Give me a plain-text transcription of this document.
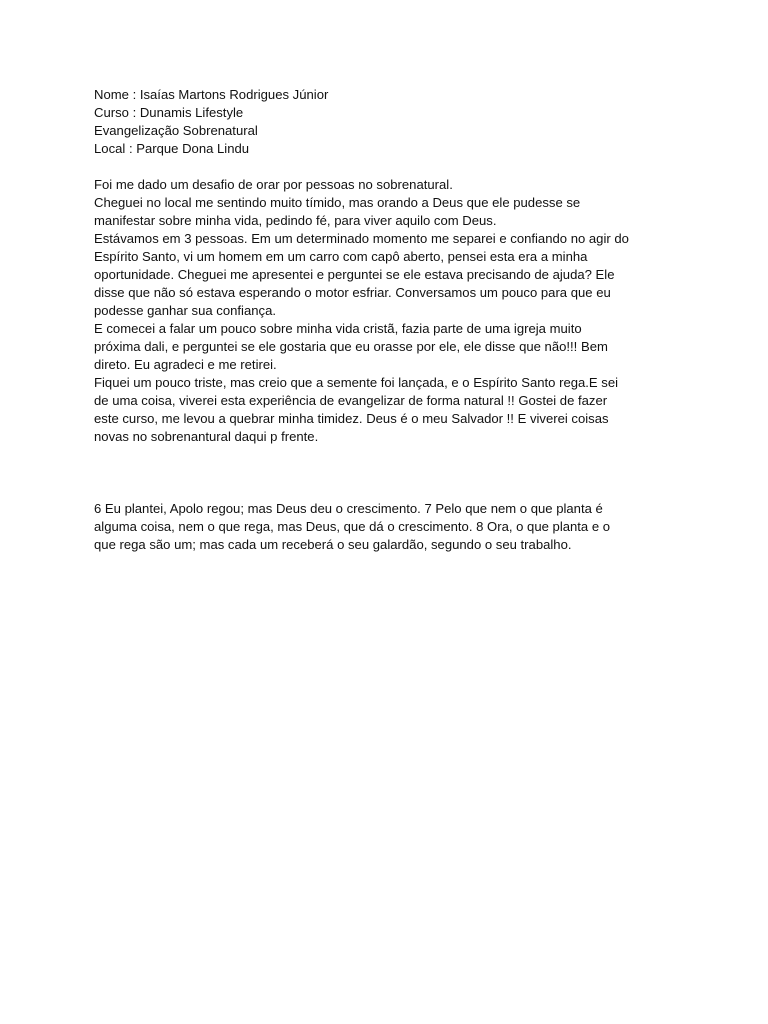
Nome : Isaías Martons Rodrigues Júnior
Curso : Dunamis Lifestyle
Evangelização Sobrenatural
Local : Parque Dona Lindu
Foi me dado um desafio de orar por pessoas no sobrenatural.
Cheguei no local me sentindo muito tímido, mas orando a Deus que ele pudesse se
manifestar sobre minha vida, pedindo fé, para viver aquilo com Deus.
Estávamos em 3 pessoas. Em um determinado momento me separei e confiando no agir do
Espírito Santo, vi um homem em um carro com capô aberto, pensei esta era a minha
oportunidade. Cheguei me apresentei e perguntei se ele estava precisando de ajuda? Ele
disse que não só estava esperando o motor esfriar. Conversamos um pouco para que eu
podesse ganhar sua confiança.
E comecei a falar um pouco sobre minha vida cristã, fazia parte de uma igreja muito
próxima dali, e perguntei se ele gostaria que eu orasse por ele, ele disse que não!!! Bem
direto. Eu agradeci e me retirei.
Fiquei um pouco triste, mas creio que a semente foi lançada, e o Espírito Santo rega.E sei
de uma coisa, viverei esta experiência de evangelizar de forma natural !! Gostei de fazer
este curso, me levou a quebrar minha timidez. Deus é o meu Salvador !! E viverei coisas
novas no sobrenantural daqui p frente.
6 Eu plantei, Apolo regou; mas Deus deu o crescimento. 7 Pelo que nem o que planta é
alguma coisa, nem o que rega, mas Deus, que dá o crescimento. 8 Ora, o que planta e o
que rega são um; mas cada um receberá o seu galardão, segundo o seu trabalho.
